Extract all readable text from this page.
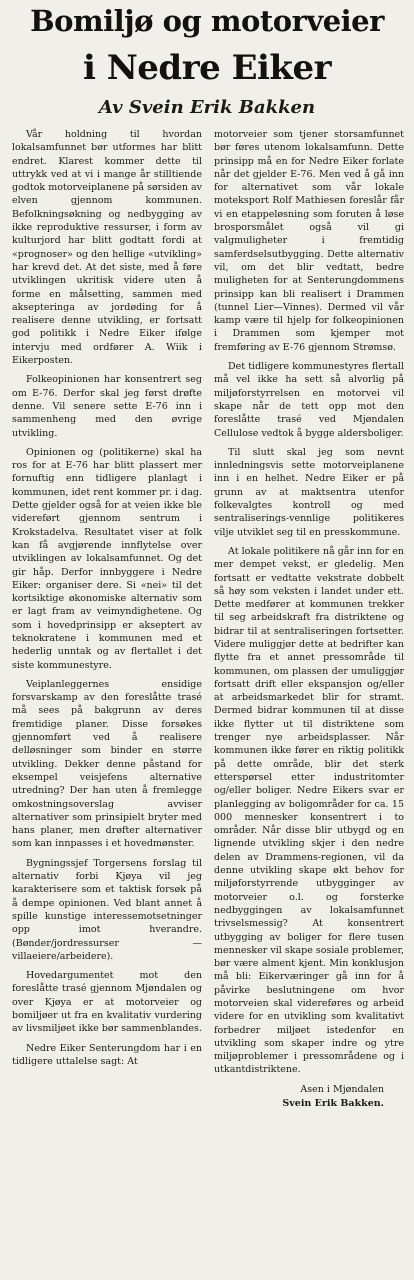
Bomiljø og motorveier
i Nedre Eiker

Av Svein Erik Bakken

Vår holdning til hvordan lokalsamfunnet bør utformes har blitt endret. Klarest kommer dette til uttrykk ved at vi i mange år stilltiende godtok motorveiplanene på sørsiden av elven gjennom kommunen. Befolkningsøkning og nedbygging av ikke reproduktive ressurser, i form av kulturjord har blitt godtatt fordi at «prognoser» og den hellige «utvikling» har krevd det. At det siste, med å føre utviklingen ukritisk videre uten å forme en målsetting, sammen med aksepteringa av jordøding for å realisere denne utvikling, er fortsatt god politikk i Nedre Eiker ifølge intervju med ordfører A. Wiik i Eikerposten.

Folkeopinionen har konsentrert seg om E-76. Derfor skal jeg først drøfte denne. Vil senere sette E-76 inn i sammenheng med den øvrige utvikling.

Opinionen og (politikerne) skal ha ros for at E-76 har blitt plassert mer fornuftig enn tidligere planlagt i kommunen, idet rent kommer pr. i dag. Dette gjelder også for at veien ikke ble videreført gjennom sentrum i Krokstadelva. Resultatet viser at folk kan få avgjørende innflytelse over utviklingen av lokalsamfunnet. Og det gir håp. Derfor innbyggere i Nedre Eiker: organiser dere. Si «nei» til det kortsiktige økonomiske alternativ som er lagt fram av veimyndighetene. Og som i hovedprinsipp er akseptert av teknokratene i kommunen med et hederlig unntak og av flertallet i det siste kommunestyre.

Veiplanleggernes ensidige forsvarskamp av den foreslåtte trasé må sees på bakgrunn av deres fremtidige planer. Disse forsøkes gjennomført ved å realisere delløsninger som binder en større utvikling. Dekker denne påstand for eksempel veisjefens alternative utredning? Der han uten å fremlegge omkostningsoverslag avviser alternativer som prinsipielt bryter med hans planer, men drøfter alternativer som kan innpasses i et hovedmønster.

Bygningssjef Torgersens forslag til alternativ forbi Kjøya vil jeg karakterisere som et taktisk forsøk på å dempe opinionen. Ved blant annet å spille kunstige interessemotsetninger opp imot hverandre. (Bønder/jordressurser —villaeiere/arbeidere).

Hovedargumentet mot den foreslåtte trasé gjennom Mjøndalen og over Kjøya er at motorveier og bomiljøer ut fra en kvalitativ vurdering av livsmiljøet ikke bør sammenblandes.

Nedre Eiker Senterungdom har i en tidligere uttalelse sagt: At

motorveier som tjener storsamfunnet bør føres utenom lokalsamfunn. Dette prinsipp må en for Nedre Eiker forlate når det gjelder E-76. Men ved å gå inn for alternativet som vår lokale moteksport Rolf Mathiesen foreslår får vi en etappeløsning som foruten å løse brosporsmålet også vil gi valgmuligheter i fremtidig samferdselsutbygging. Dette alternativ vil, om det blir vedtatt, bedre muligheten for at Senterungdommens prinsipp kan bli realisert i Drammen (tunnel Lier—Vinnes). Dermed vil vår kamp være til hjelp for folkeopinionen i Drammen som kjemper mot fremføring av E-76 gjennom Strømsø.

Det tidligere kommunestyres flertall må vel ikke ha sett så alvorlig på miljøforstyrrelsen en motorvei vil skape når de tett opp mot den foreslåtte trasé ved Mjøndalen Cellulose vedtok å bygge aldersboliger.

Til slutt skal jeg som nevnt innledningsvis sette motorveiplanene inn i en helhet. Nedre Eiker er på grunn av at maktsentra utenfor folkevalgtes kontroll og med sentraliserings-vennlige politikeres vilje utviklet seg til en presskommune.

At lokale politikere nå går inn for en mer dempet vekst, er gledelig. Men fortsatt er vedtatte vekstrate dobbelt så høy som veksten i landet under ett. Dette medfører at kommunen trekker til seg arbeidskraft fra distriktene og bidrar til at sentraliseringen fortsetter. Videre muliggjør dette at bedrifter kan flytte fra et annet pressområde til kommunen, om plassen der umuliggjør fortsatt drift eller ekspansjon og/eller at arbeidsmarkedet blir for stramt. Dermed bidrar kommunen til at disse ikke flytter ut til distriktene som trenger nye arbeidsplasser. Når kommunen ikke fører en riktig politikk på dette område, blir det sterk etterspørsel etter industritomter og/eller boliger. Nedre Eikers svar er planlegging av boligområder for ca. 15 000 mennesker konsentrert i to områder. Når disse blir utbygd og en lignende utvikling skjer i den nedre delen av Drammens-regionen, vil da denne utvikling skape økt behov for miljøforstyrrende utbygginger av motorveier o.l. og forsterke nedbyggingen av lokalsamfunnet trivselsmessig? At konsentrert utbygging av boliger for flere tusen mennesker vil skape sosiale problemer, bør være alment kjent. Min konklusjon må bli: Eikerværinger gå inn for å påvirke beslutningene om hvor motorveien skal videreføres og arbeid videre for en utvikling som kvalitativt forbedrer miljøet istedenfor en utvikling som skaper indre og ytre miljøproblemer i pressområdene og i utkantdistriktene.

Asen i Mjøndalen
Svein Erik Bakken.
